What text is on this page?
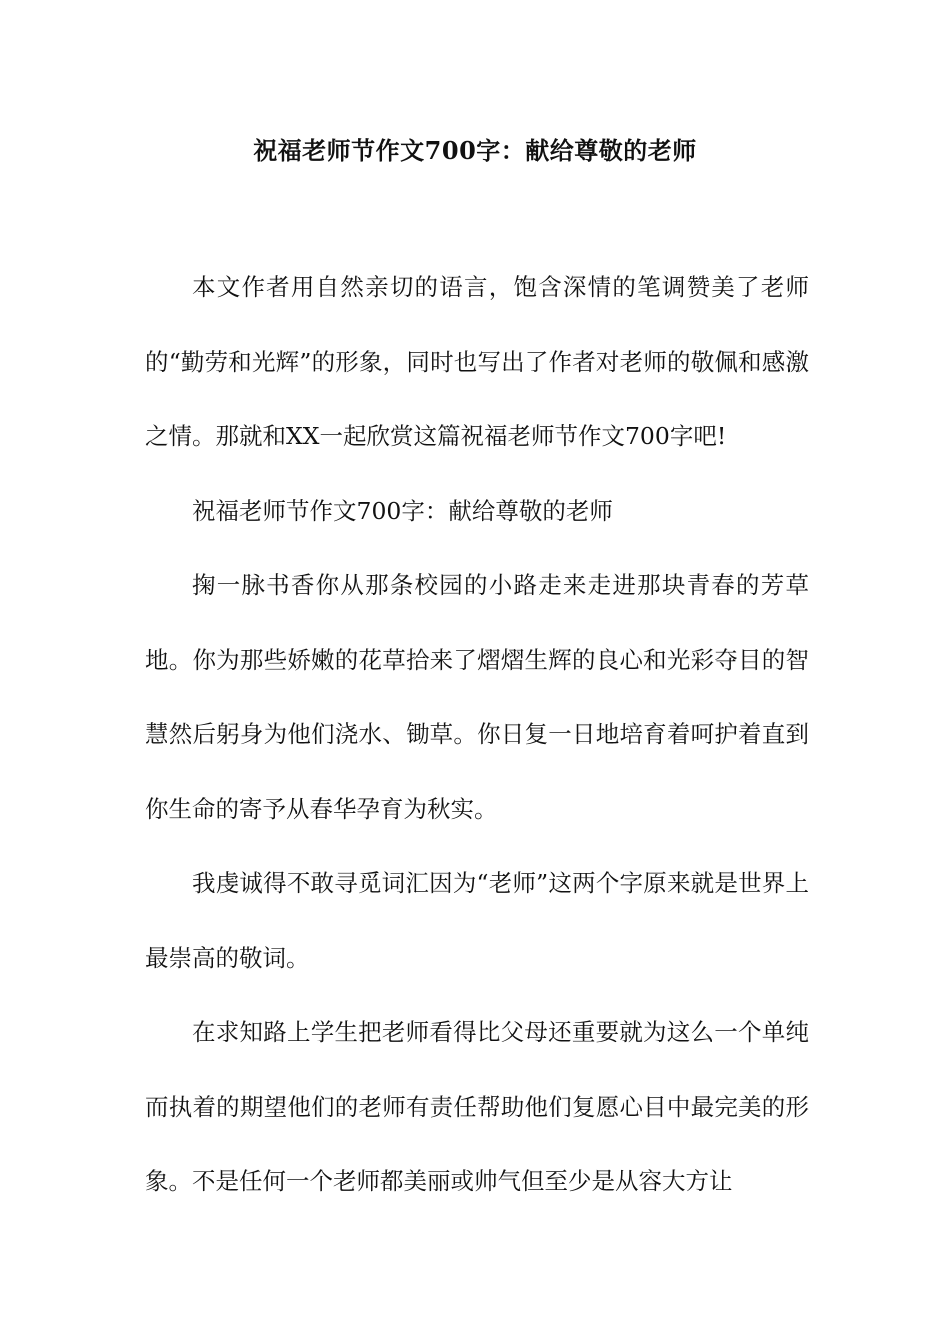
祝福老师节作文700字：献给尊敬的老师

本文作者用自然亲切的语言，饱含深情的笔调赞美了老师的“勤劳和光辉”的形象，同时也写出了作者对老师的敬佩和感激之情。那就和XX一起欣赏这篇祝福老师节作文700字吧!

祝福老师节作文700字：献给尊敬的老师

掬一脉书香你从那条校园的小路走来走进那块青春的芳草地。你为那些娇嫩的花草拾来了熠熠生辉的良心和光彩夺目的智慧然后躬身为他们浇水、锄草。你日复一日地培育着呵护着直到你生命的寄予从春华孕育为秋实。

我虔诚得不敢寻觅词汇因为“老师”这两个字原来就是世界上最崇高的敬词。

在求知路上学生把老师看得比父母还重要就为这么一个单纯而执着的期望他们的老师有责任帮助他们复愿心目中最完美的形象。不是任何一个老师都美丽或帅气但至少是从容大方让
